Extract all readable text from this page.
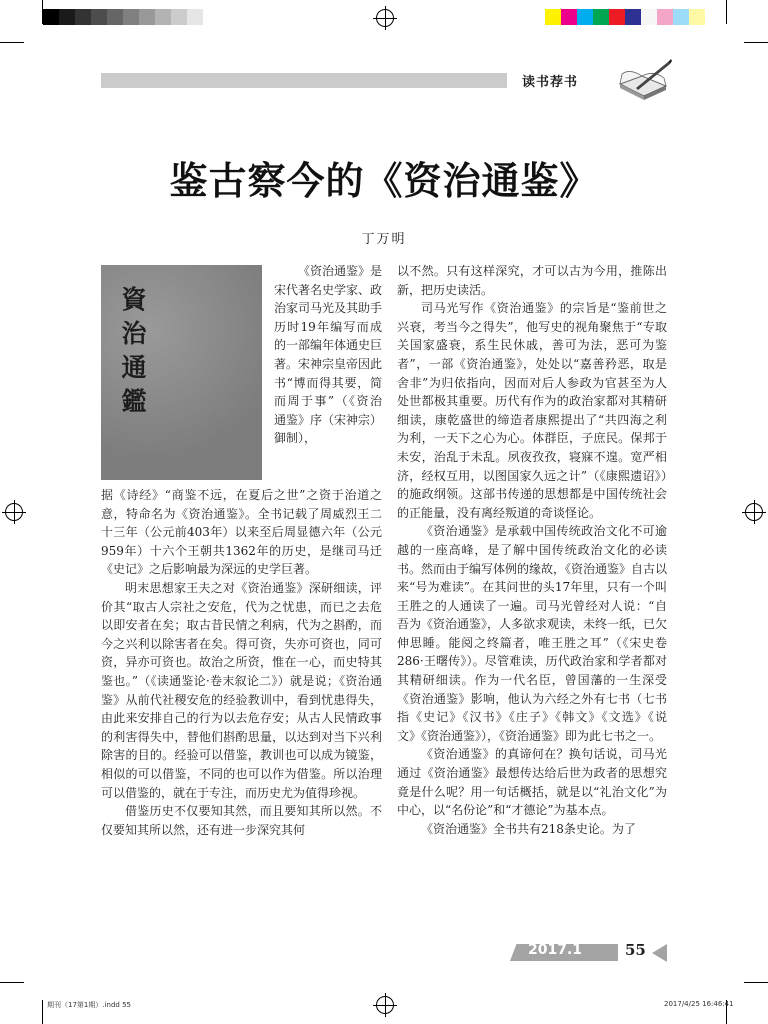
读书荐书
鉴古察今的《资治通鉴》
丁万明
資
治
通
鑑

《资治通鉴》是宋代著名史学家、政治家司马光及其助手历时19年编写而成的一部编年体通史巨著。宋神宗皇帝因此书“博而得其要，简而周于事”（《资治通鉴》序（宋神宗）御制），

据《诗经》“商鉴不远，在夏后之世”之资于治道之意，特命名为《资治通鉴》。全书记载了周威烈王二十三年（公元前403年）以来至后周显德六年（公元959年）十六个王朝共1362年的历史，是继司马迁《史记》之后影响最为深远的史学巨著。

明末思想家王夫之对《资治通鉴》深研细读，评价其“取古人宗社之安危，代为之忧患，而已之去危以即安者在矣；取古昔民情之利病，代为之斟酌，而今之兴利以除害者在矣。得可资，失亦可资也，同可资，异亦可资也。故治之所资，惟在一心，而史特其鉴也。”（《读通鉴论·卷末叙论二》）就是说；《资治通鉴》从前代社稷安危的经验教训中，看到忧患得失，由此来安排自己的行为以去危存安；从古人民情政事的利害得失中，替他们斟酌思量，以达到对当下兴利除害的目的。经验可以借鉴，教训也可以成为镜鉴，相似的可以借鉴，不同的也可以作为借鉴。所以治理可以借鉴的，就在于专注，而历史尤为值得珍视。

借鉴历史不仅要知其然，而且要知其所以然。不仅要知其所以然，还有进一步深究其何

以不然。只有这样深究，才可以古为今用，推陈出新，把历史读活。

司马光写作《资治通鉴》的宗旨是“鉴前世之兴衰，考当今之得失”，他写史的视角聚焦于“专取关国家盛衰，系生民休戚，善可为法，恶可为鉴者”，一部《资治通鉴》，处处以“嘉善矜恶，取是舍非”为归依指向，因而对后人参政为官甚至为人处世都极其重要。历代有作为的政治家都对其精研细读，康乾盛世的缔造者康熙提出了“共四海之利为利，一天下之心为心。体群臣，子庶民。保邦于未安，治乱于未乱。夙夜孜孜，寝寐不遑。宽严相济，经权互用，以图国家久远之计”（《康熙遗诏》）的施政纲领。这部书传递的思想都是中国传统社会的正能量，没有离经叛道的奇谈怪论。

《资治通鉴》是承载中国传统政治文化不可逾越的一座高峰，是了解中国传统政治文化的必读书。然而由于编写体例的缘故，《资治通鉴》自古以来“号为难读”。在其问世的头17年里，只有一个叫王胜之的人通读了一遍。司马光曾经对人说：“自吾为《资治通鉴》，人多欲求观读，未终一纸，已欠伸思睡。能阅之终篇者，唯王胜之耳”（《宋史卷286·王曙传》）。尽管难读，历代政治家和学者都对其精研细读。作为一代名臣，曾国藩的一生深受《资治通鉴》影响，他认为六经之外有七书（七书指《史记》《汉书》《庄子》《韩文》《文选》《说文》《资治通鉴》），《资治通鉴》即为此七书之一。

《资治通鉴》的真谛何在？换句话说，司马光通过《资治通鉴》最想传达给后世为政者的思想究竟是什么呢？用一句话概括，就是以“礼治文化”为中心，以“名份论”和“才德论”为基本点。

《资治通鉴》全书共有218条史论。为了

2017.1	55
期刊（17第1期）.indd 55	2017/4/25 16:46:41
